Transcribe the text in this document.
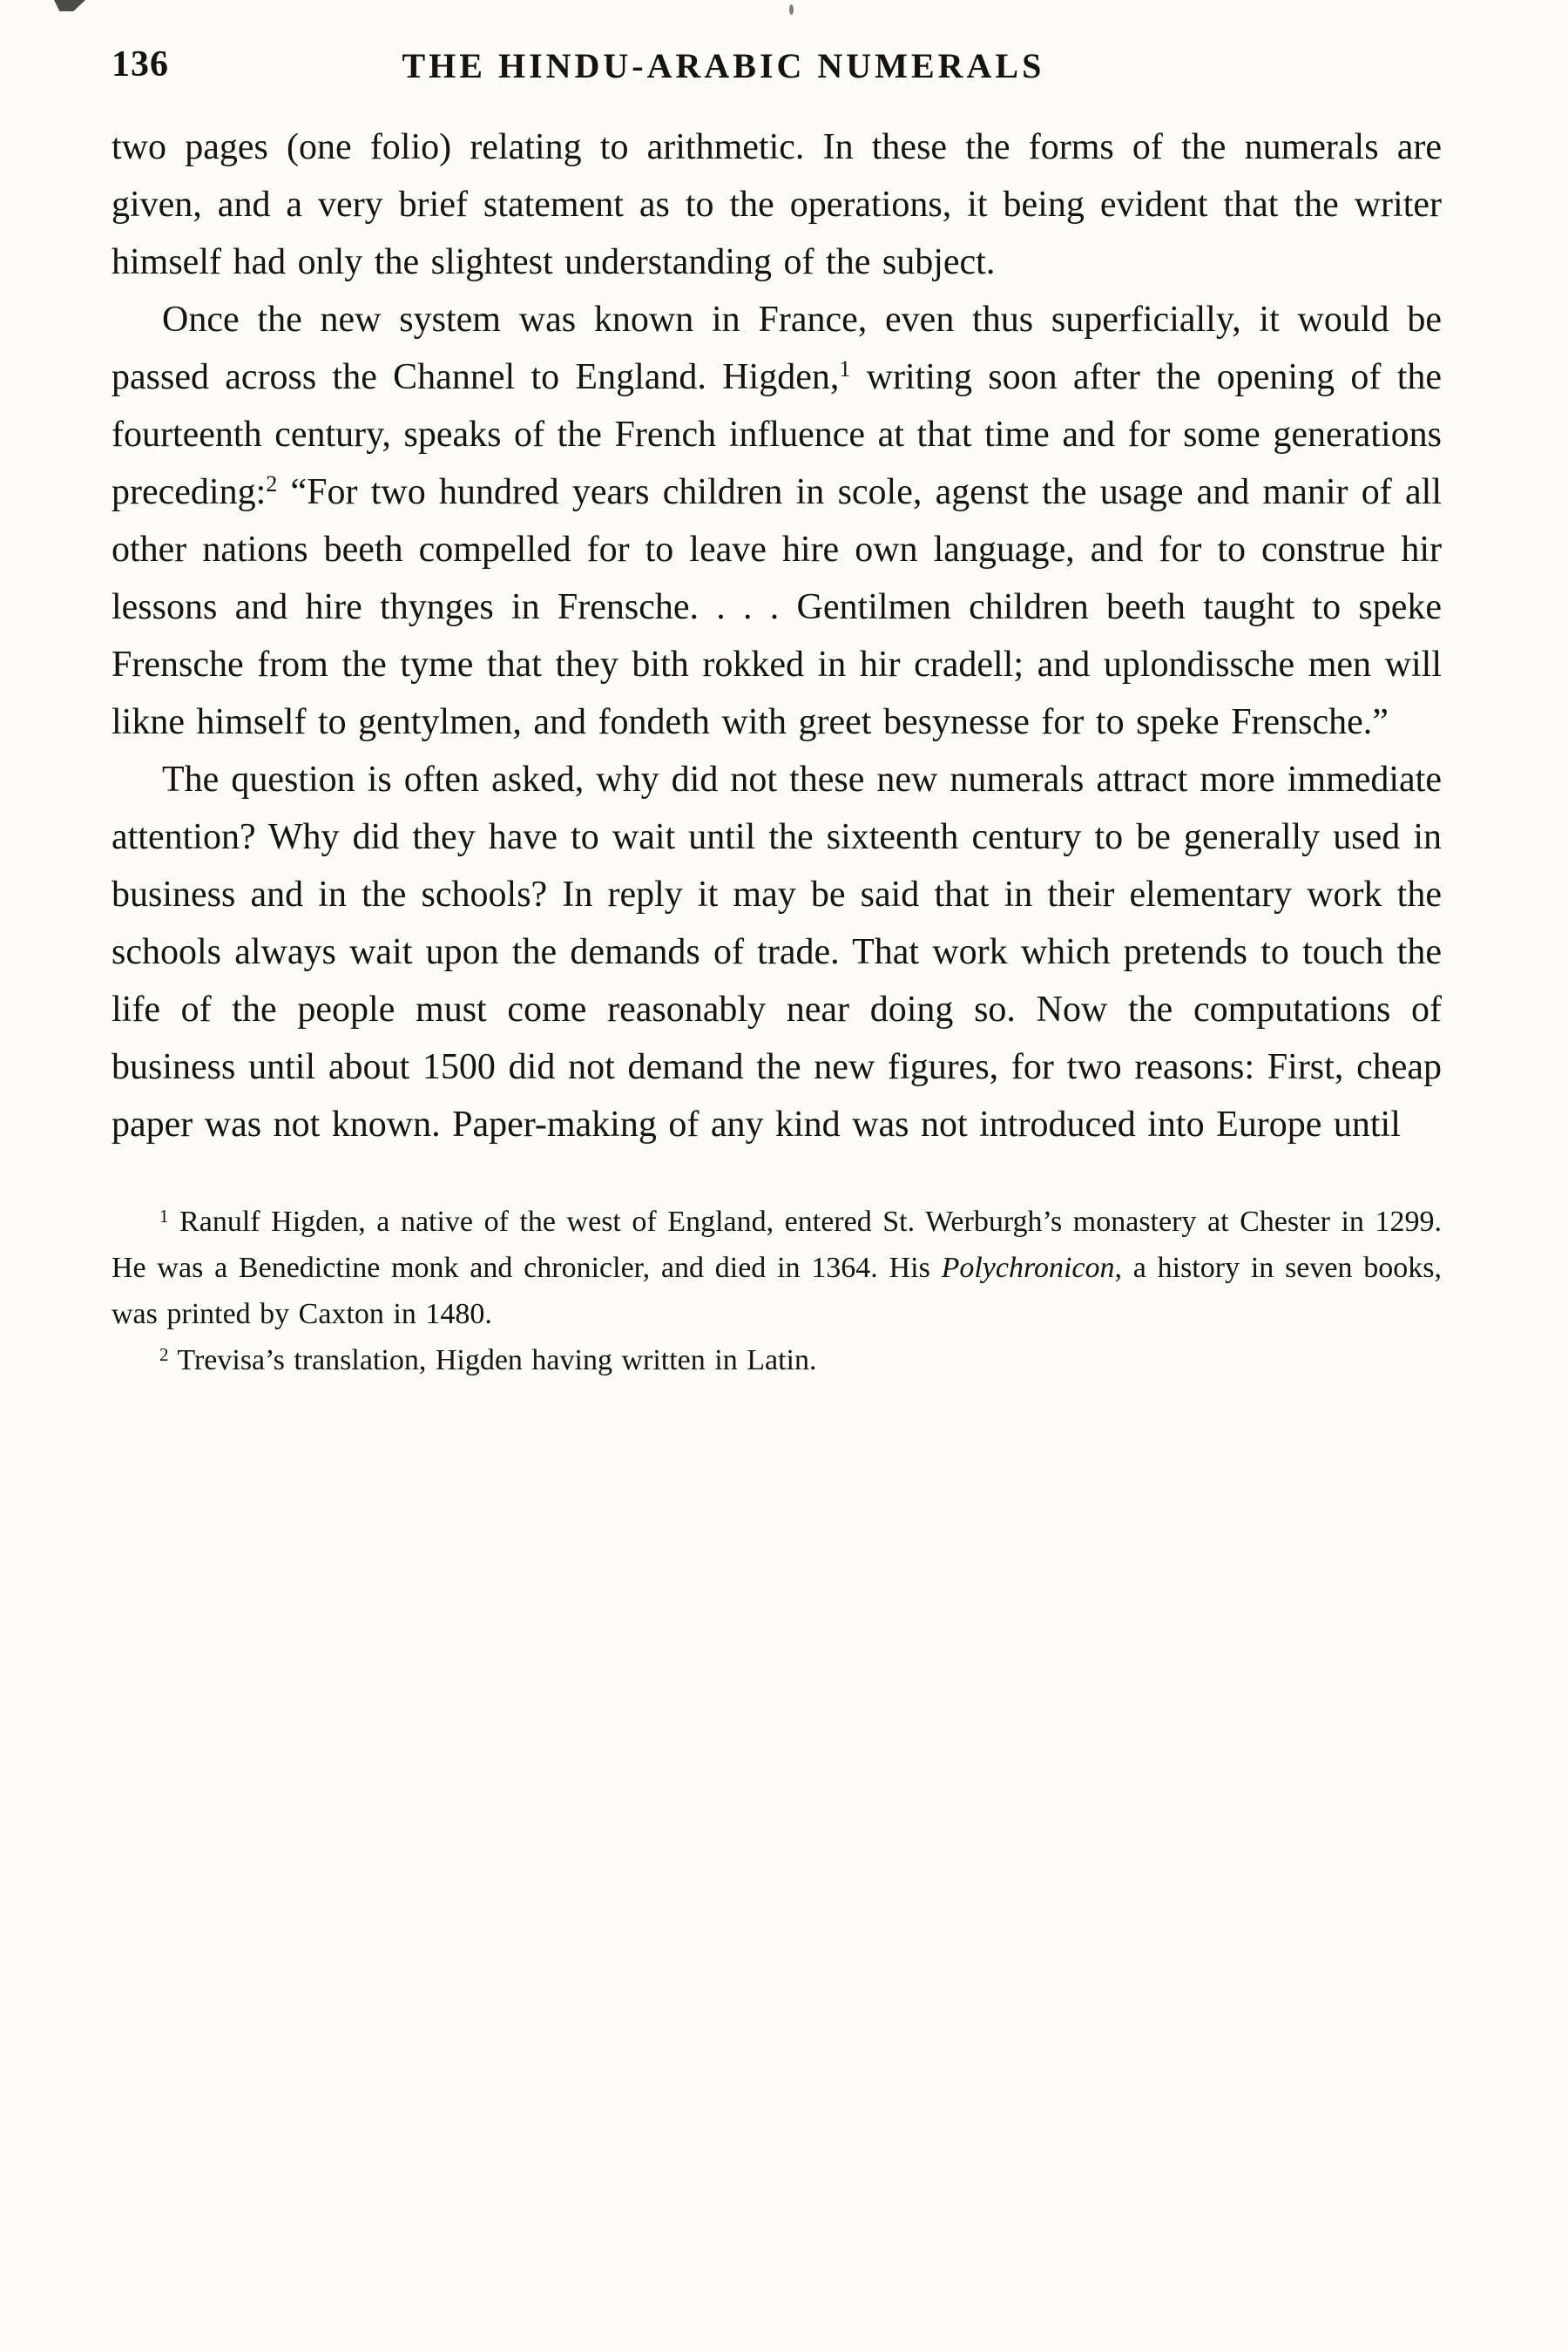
136	THE HINDU-ARABIC NUMERALS

two pages (one folio) relating to arithmetic. In these the forms of the numerals are given, and a very brief statement as to the operations, it being evident that the writer himself had only the slightest understanding of the subject.

Once the new system was known in France, even thus superficially, it would be passed across the Channel to England. Higden,$^1$ writing soon after the opening of the fourteenth century, speaks of the French influence at that time and for some generations preceding:$^2$ “For two hundred years children in scole, agenst the usage and manir of all other nations beeth compelled for to leave hire own language, and for to construe hir lessons and hire thynges in Frensche. . . . Gentilmen children beeth taught to speke Frensche from the tyme that they bith rokked in hir cradell; and uplondissche men will likne himself to gentylmen, and fondeth with greet besynesse for to speke Frensche.”

The question is often asked, why did not these new numerals attract more immediate attention? Why did they have to wait until the sixteenth century to be generally used in business and in the schools? In reply it may be said that in their elementary work the schools always wait upon the demands of trade. That work which pretends to touch the life of the people must come reasonably near doing so. Now the computations of business until about 1500 did not demand the new figures, for two reasons: First, cheap paper was not known. Paper-making of any kind was not introduced into Europe until

$^1$ Ranulf Higden, a native of the west of England, entered St. Werburgh’s monastery at Chester in 1299. He was a Benedictine monk and chronicler, and died in 1364. His Polychronicon, a history in seven books, was printed by Caxton in 1480.

$^2$ Trevisa’s translation, Higden having written in Latin.
